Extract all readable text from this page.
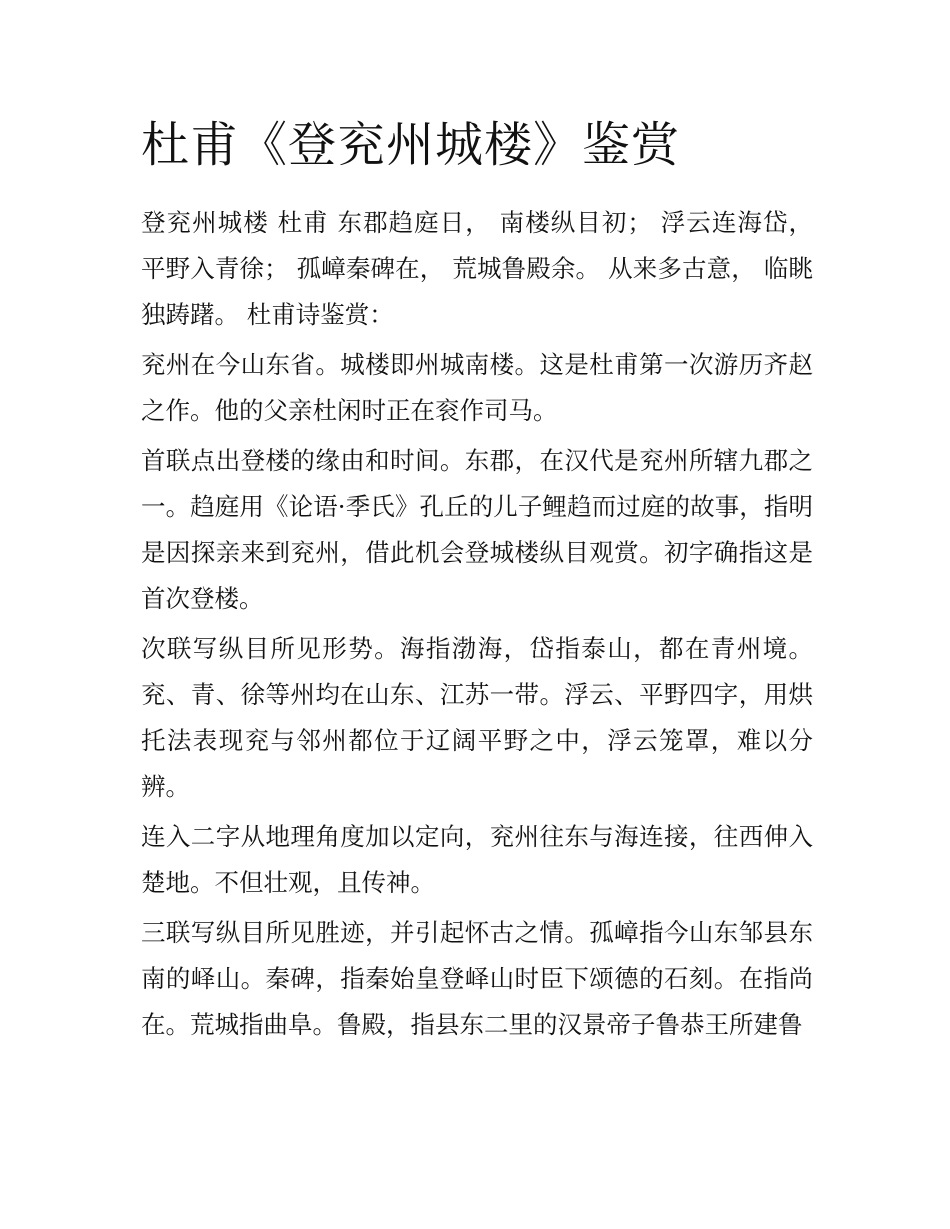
杜甫《登兖州城楼》鉴赏

登兖州城楼 杜甫 东郡趋庭日， 南楼纵目初； 浮云连海岱， 平野入青徐； 孤嶂秦碑在， 荒城鲁殿余。 从来多古意， 临眺独踌躇。 杜甫诗鉴赏：

兖州在今山东省。城楼即州城南楼。这是杜甫第一次游历齐赵之作。他的父亲杜闲时正在衮作司马。

首联点出登楼的缘由和时间。东郡，在汉代是兖州所辖九郡之一。趋庭用《论语·季氏》孔丘的儿子鲤趋而过庭的故事，指明是因探亲来到兖州，借此机会登城楼纵目观赏。初字确指这是首次登楼。

次联写纵目所见形势。海指渤海，岱指泰山，都在青州境。兖、青、徐等州均在山东、江苏一带。浮云、平野四字，用烘托法表现兖与邻州都位于辽阔平野之中，浮云笼罩，难以分辨。

连入二字从地理角度加以定向，兖州往东与海连接，往西伸入楚地。不但壮观，且传神。

三联写纵目所见胜迹，并引起怀古之情。孤嶂指今山东邹县东南的峄山。秦碑，指秦始皇登峄山时臣下颂德的石刻。在指尚在。荒城指曲阜。鲁殿，指县东二里的汉景帝子鲁恭王所建鲁
